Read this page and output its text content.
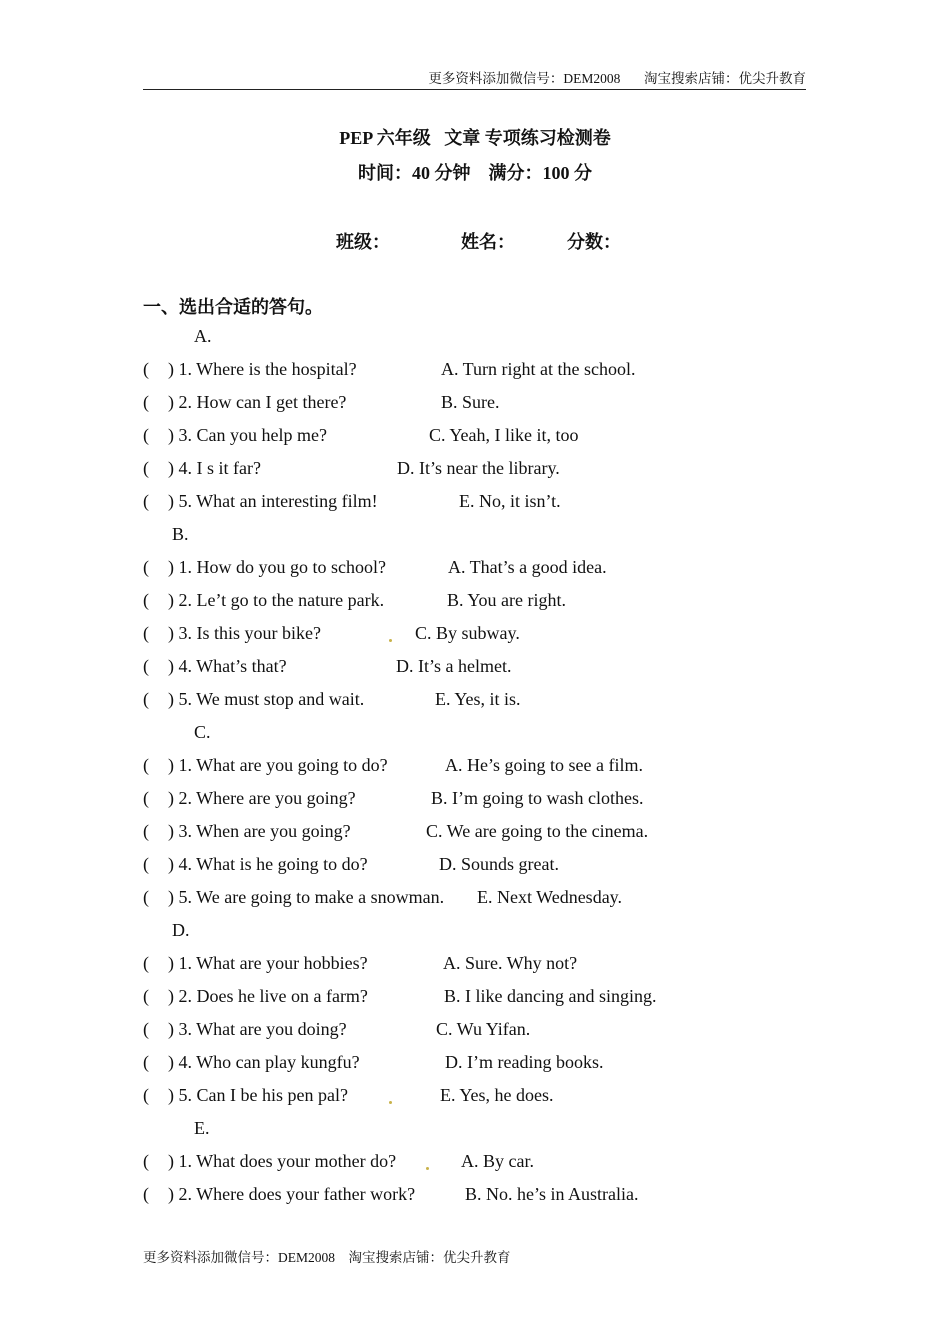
更多资料添加微信号：DEM2008       淘宝搜索店铺：优尖升教育
PEP 六年级   文章 专项练习检测卷
时间：40 分钟    满分：100 分
班级：	姓名：	分数：
一、选出合适的答句。
A.
( ) 1. Where is the hospital?	A. Turn right at the school.
( ) 2. How can I get there?	B. Sure.
( ) 3. Can you help me?	C. Yeah, I like it, too
( ) 4. I s it far?	D. It’s near the library.
( ) 5. What an interesting film!	E. No, it isn’t.
B.
( ) 1. How do you go to school?	A. That’s a good idea.
( ) 2. Le’t go to the nature park.	B. You are right.
( ) 3. Is this your bike?	C. By subway.
( ) 4. What’s that?	D. It’s a helmet.
( ) 5. We must stop and wait.	E. Yes, it is.
C.
( ) 1. What are you going to do?	A. He’s going to see a film.
( ) 2. Where are you going?	B. I’m going to wash clothes.
( ) 3. When are you going?	C. We are going to the cinema.
( ) 4. What is he going to do?	D. Sounds great.
( ) 5. We are going to make a snowman. E. Next Wednesday.
D.
( ) 1. What are your hobbies?	A. Sure. Why not?
( ) 2. Does he live on a farm?	B. I like dancing and singing.
( ) 3. What are you doing?	C. Wu Yifan.
( ) 4. Who can play kungfu?	D. I’m reading books.
( ) 5. Can I be his pen pal?	E. Yes, he does.
E.
( ) 1. What does your mother do?	A. By car.
( ) 2. Where does your father work?	B. No. he’s in Australia.
更多资料添加微信号：DEM2008    淘宝搜索店铺：优尖升教育
